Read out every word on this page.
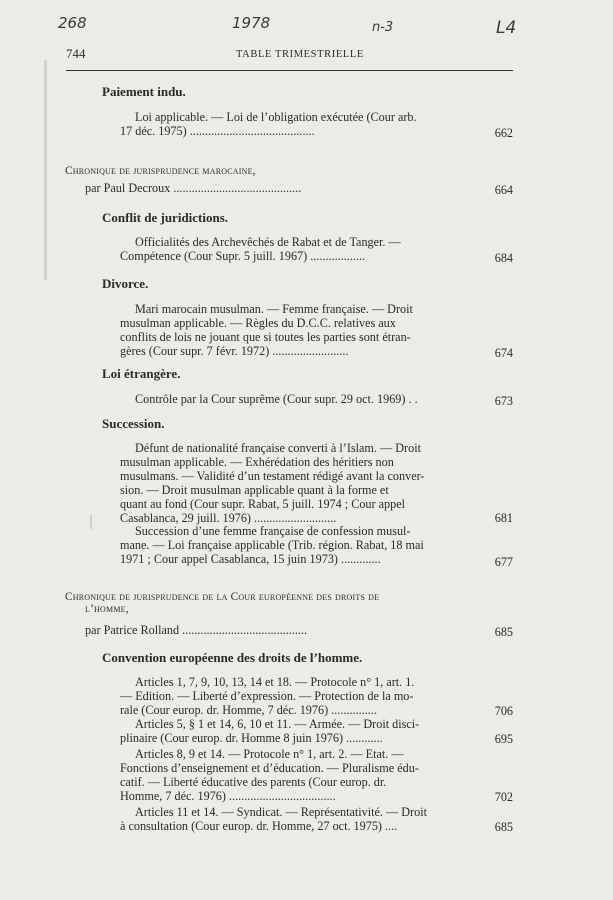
268	1978	n-3	L4
744	TABLE TRIMESTRIELLE
Paiement indu.
Loi applicable. — Loi de l’obligation exécutée (Cour arb.
17 déc. 1975) .........................................	662
Chronique de jurisprudence marocaine,
par Paul Decroux ..........................................	664
Conflit de juridictions.
Officialités des Archevêchés de Rabat et de Tanger. —
Compétence (Cour Supr. 5 juill. 1967) ..................	684
Divorce.
Mari marocain musulman. — Femme française. — Droit
musulman applicable. — Règles du D.C.C. relatives aux
conflits de lois ne jouant que si toutes les parties sont étran-
gères (Cour supr. 7 févr. 1972) .........................	674
Loi étrangère.
Contrôle par la Cour suprême (Cour supr. 29 oct. 1969) . .	673
Succession.
Défunt de nationalité française converti à l’Islam. — Droit
musulman applicable. — Exhérédation des héritiers non
musulmans. — Validité d’un testament rédigé avant la conver-
sion. — Droit musulman applicable quant à la forme et
quant au fond (Cour supr. Rabat, 5 juill. 1974 ; Cour appel
Casablanca, 29 juill. 1976) ...........................	681
Succession d’une femme française de confession musul-
mane. — Loi française applicable (Trib. région. Rabat, 18 mai
1971 ; Cour appel Casablanca, 15 juin 1973) .............	677
Chronique de jurisprudence de la Cour européenne des droits de
l’homme,
par Patrice Rolland .........................................	685
Convention européenne des droits de l’homme.
Articles 1, 7, 9, 10, 13, 14 et 18. — Protocole n° 1, art. 1.
— Edition. — Liberté d’expression. — Protection de la mo-
rale (Cour europ. dr. Homme, 7 déc. 1976) ...............	706
Articles 5, § 1 et 14, 6, 10 et 11. — Armée. — Droit disci-
plinaire (Cour europ. dr. Homme 8 juin 1976) ............	695
Articles 8, 9 et 14. — Protocole n° 1, art. 2. — Etat. —
Fonctions d’enseignement et d’éducation. — Pluralisme édu-
catif. — Liberté éducative des parents (Cour europ. dr.
Homme, 7 déc. 1976) ...................................	702
Articles 11 et 14. — Syndicat. — Représentativité. — Droit
à consultation (Cour europ. dr. Homme, 27 oct. 1975) ....	685
